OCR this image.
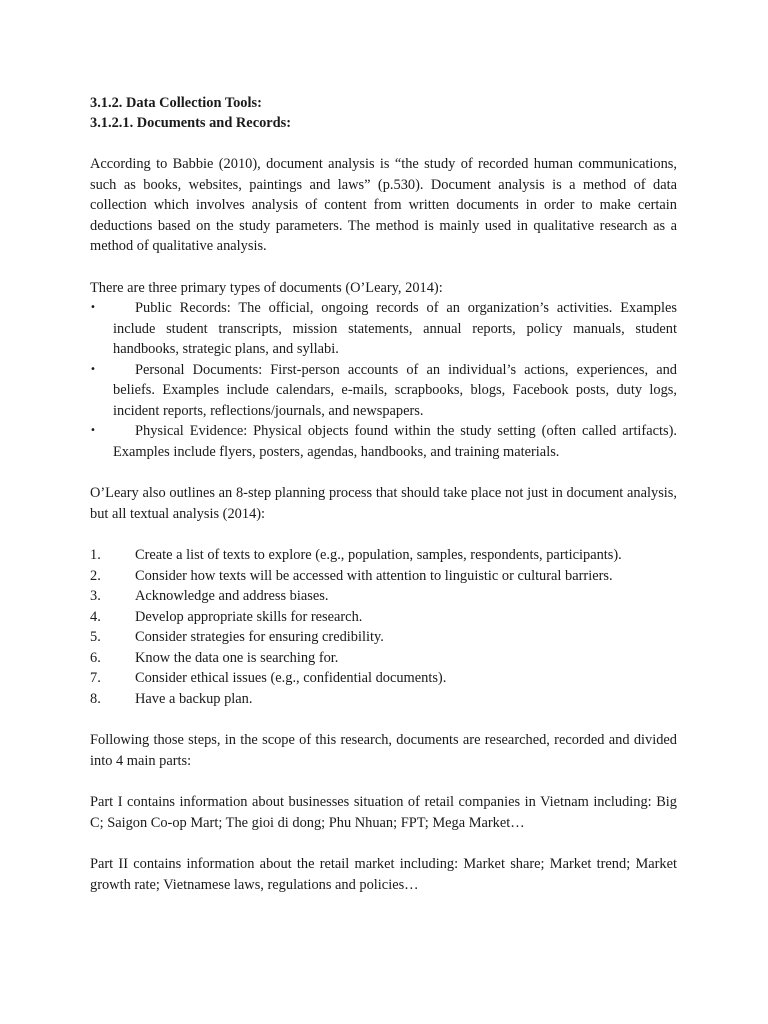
3.1.2. Data Collection Tools:

3.1.2.1. Documents and Records:

According to Babbie (2010), document analysis is “the study of recorded human communications, such as books, websites, paintings and laws” (p.530). Document analysis is a method of data collection which involves analysis of content from written documents in order to make certain deductions based on the study parameters. The method is mainly used in qualitative research as a method of qualitative analysis.

There are three primary types of documents (O’Leary, 2014):

•	Public Records: The official, ongoing records of an organization’s activities. Examples include student transcripts, mission statements, annual reports, policy manuals, student handbooks, strategic plans, and syllabi.
•	Personal Documents: First-person accounts of an individual’s actions, experiences, and beliefs. Examples include calendars, e-mails, scrapbooks, blogs, Facebook posts, duty logs, incident reports, reflections/journals, and newspapers.
•	Physical Evidence: Physical objects found within the study setting (often called artifacts). Examples include flyers, posters, agendas, handbooks, and training materials.

O’Leary also outlines an 8-step planning process that should take place not just in document analysis, but all textual analysis (2014):

1.	Create a list of texts to explore (e.g., population, samples, respondents, participants).
2.	Consider how texts will be accessed with attention to linguistic or cultural barriers.
3.	Acknowledge and address biases.
4.	Develop appropriate skills for research.
5.	Consider strategies for ensuring credibility.
6.	Know the data one is searching for.
7.	Consider ethical issues (e.g., confidential documents).
8.	Have a backup plan.

Following those steps, in the scope of this research, documents are researched, recorded and divided into 4 main parts:

Part I contains information about businesses situation of retail companies in Vietnam including: Big C; Saigon Co-op Mart; The gioi di dong; Phu Nhuan; FPT; Mega Market…

Part II contains information about the retail market including: Market share; Market trend; Market growth rate; Vietnamese laws, regulations and policies…
